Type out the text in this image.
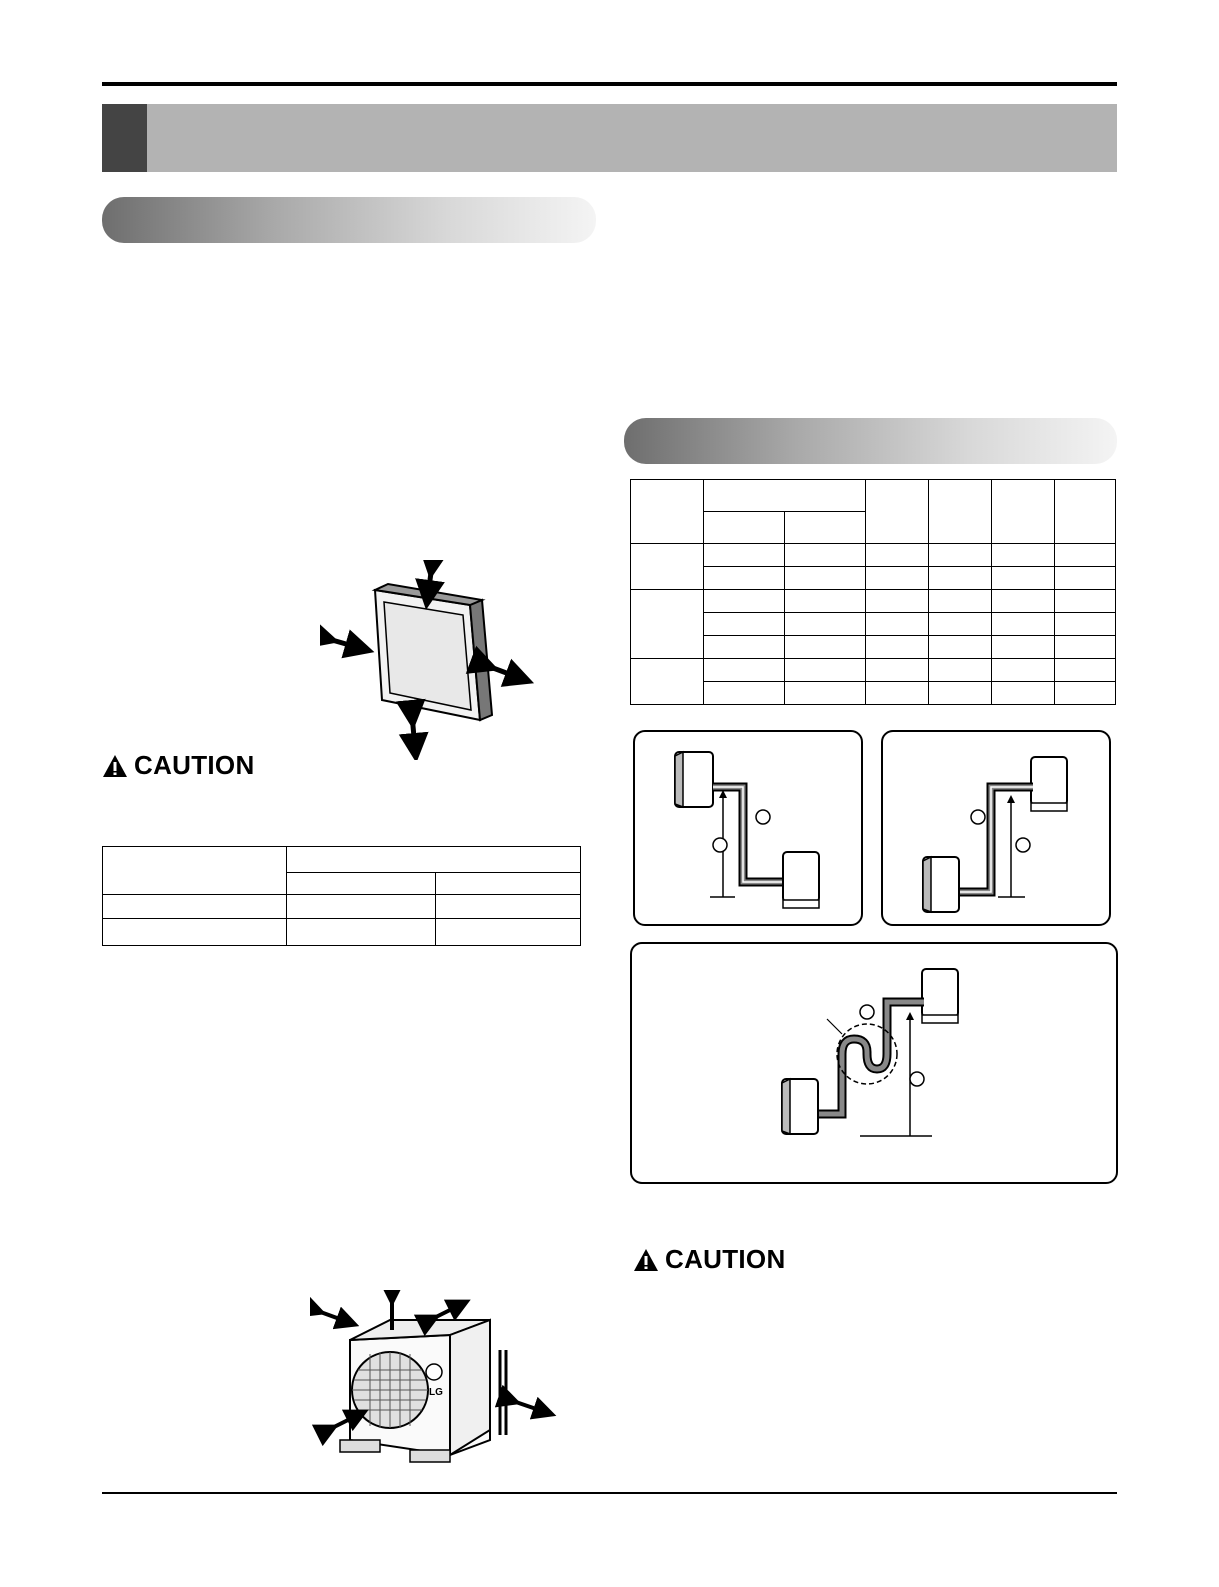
CAUTION

CAUTION
LG
